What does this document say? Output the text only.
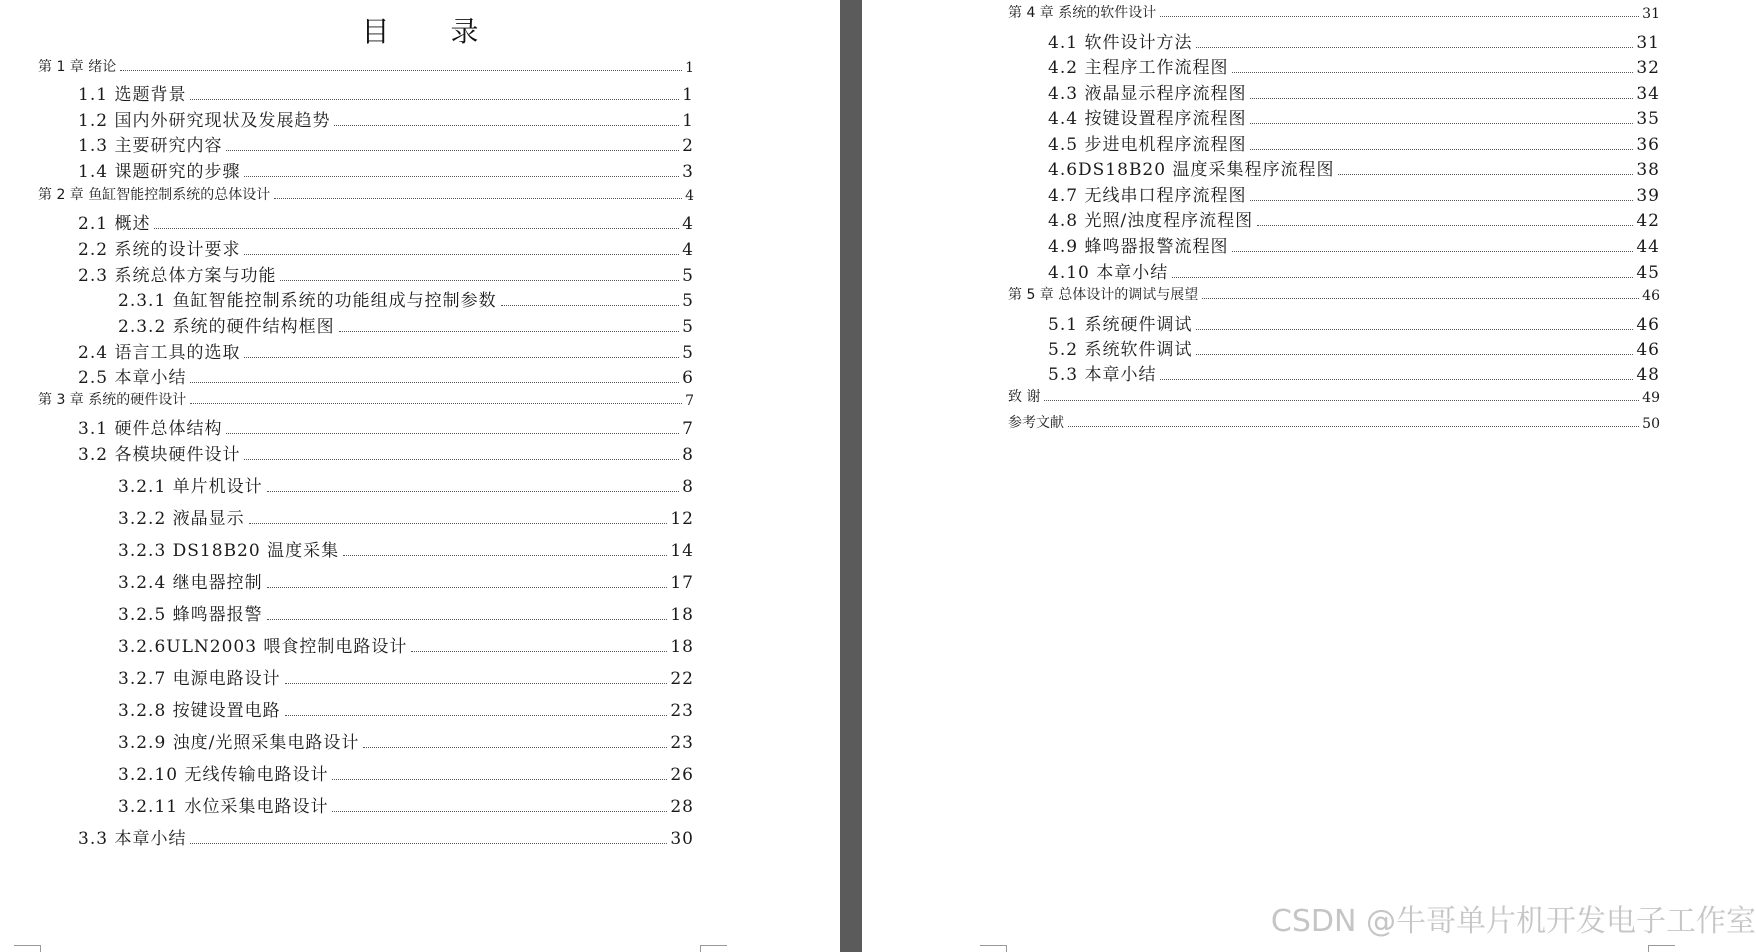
目 录
第 1 章 绪论	1
1.1 选题背景	1
1.2 国内外研究现状及发展趋势	1
1.3 主要研究内容	2
1.4 课题研究的步骤	3
第 2 章 鱼缸智能控制系统的总体设计	4
2.1 概述	4
2.2 系统的设计要求	4
2.3 系统总体方案与功能	5
2.3.1 鱼缸智能控制系统的功能组成与控制参数	5
2.3.2 系统的硬件结构框图	5
2.4 语言工具的选取	5
2.5 本章小结	6
第 3 章 系统的硬件设计	7
3.1 硬件总体结构	7
3.2 各模块硬件设计	8
3.2.1 单片机设计	8
3.2.2 液晶显示	12
3.2.3 DS18B20 温度采集	14
3.2.4 继电器控制	17
3.2.5 蜂鸣器报警	18
3.2.6ULN2003 喂食控制电路设计	18
3.2.7 电源电路设计	22
3.2.8 按键设置电路	23
3.2.9 浊度/光照采集电路设计	23
3.2.10 无线传输电路设计	26
3.2.11 水位采集电路设计	28
3.3 本章小结	30
第 4 章 系统的软件设计	31
4.1 软件设计方法	31
4.2 主程序工作流程图	32
4.3 液晶显示程序流程图	34
4.4 按键设置程序流程图	35
4.5 步进电机程序流程图	36
4.6DS18B20 温度采集程序流程图	38
4.7 无线串口程序流程图	39
4.8 光照/浊度程序流程图	42
4.9 蜂鸣器报警流程图	44
4.10 本章小结	45
第 5 章 总体设计的调试与展望	46
5.1 系统硬件调试	46
5.2 系统软件调试	46
5.3 本章小结	48
致 谢	49
参考文献	50
CSDN @牛哥单片机开发电子工作室
